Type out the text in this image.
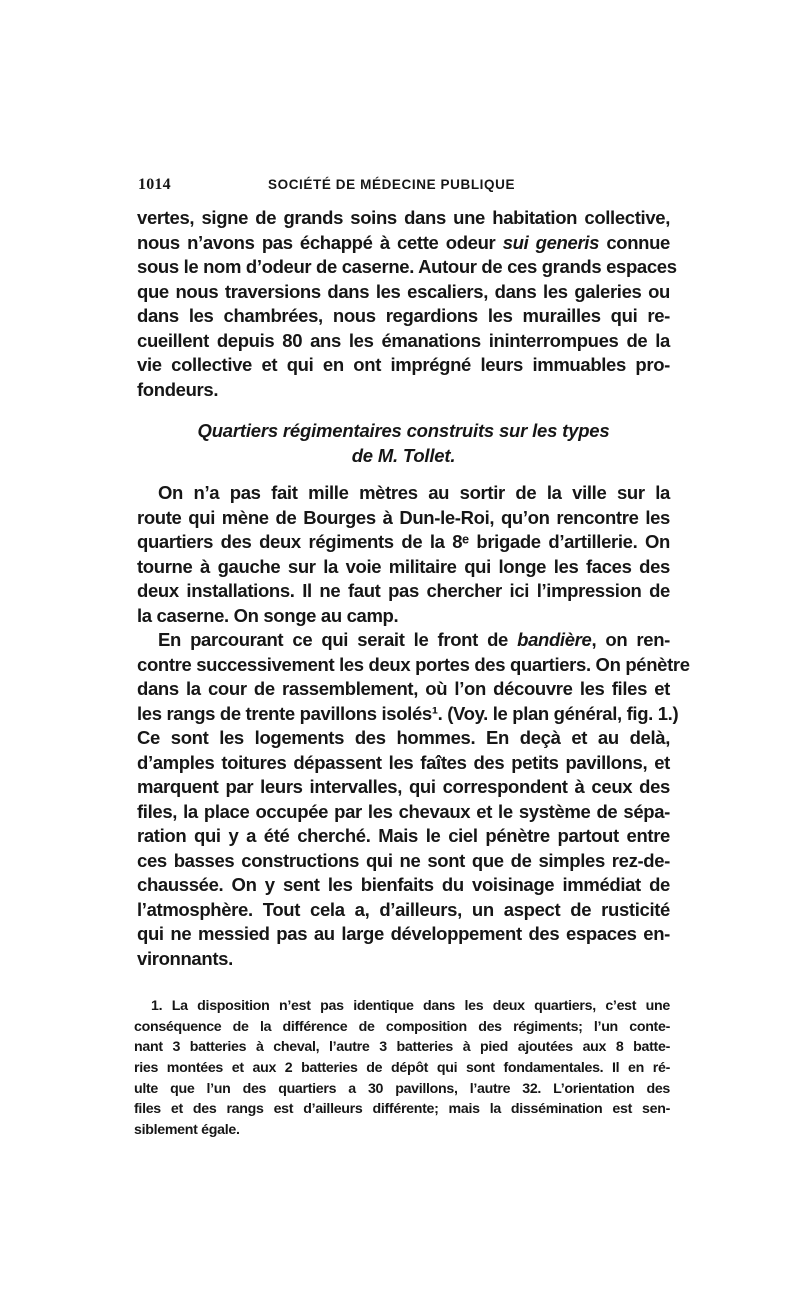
1014	SOCIÉTÉ DE MÉDECINE PUBLIQUE
vertes, signe de grands soins dans une habitation collective,
nous n’avons pas échappé à cette odeur sui generis connue
sous le nom d’odeur de caserne. Autour de ces grands espaces
que nous traversions dans les escaliers, dans les galeries ou
dans les chambrées, nous regardions les murailles qui re-
cueillent depuis 80 ans les émanations ininterrompues de la
vie collective et qui en ont imprégné leurs immuables pro-
fondeurs.
Quartiers régimentaires construits sur les types
de M. Tollet.
On n’a pas fait mille mètres au sortir de la ville sur la
route qui mène de Bourges à Dun-le-Roi, qu’on rencontre les
quartiers des deux régiments de la 8ᵉ brigade d’artillerie. On
tourne à gauche sur la voie militaire qui longe les faces des
deux installations. Il ne faut pas chercher ici l’impression de
la caserne. On songe au camp.
En parcourant ce qui serait le front de bandière, on ren-
contre successivement les deux portes des quartiers. On pénètre
dans la cour de rassemblement, où l’on découvre les files et
les rangs de trente pavillons isolés¹. (Voy. le plan général, fig. 1.)
Ce sont les logements des hommes. En deçà et au delà,
d’amples toitures dépassent les faîtes des petits pavillons, et
marquent par leurs intervalles, qui correspondent à ceux des
files, la place occupée par les chevaux et le système de sépa-
ration qui y a été cherché. Mais le ciel pénètre partout entre
ces basses constructions qui ne sont que de simples rez-de-
chaussée. On y sent les bienfaits du voisinage immédiat de
l’atmosphère. Tout cela a, d’ailleurs, un aspect de rusticité
qui ne messied pas au large développement des espaces en-
vironnants.
1. La disposition n’est pas identique dans les deux quartiers, c’est une
conséquence de la différence de composition des régiments; l’un conte-
nant 3 batteries à cheval, l’autre 3 batteries à pied ajoutées aux 8 batte-
ries montées et aux 2 batteries de dépôt qui sont fondamentales. Il en ré-
ulte que l’un des quartiers a 30 pavillons, l’autre 32. L’orientation des
files et des rangs est d’ailleurs différente; mais la dissémination est sen-
siblement égale.
